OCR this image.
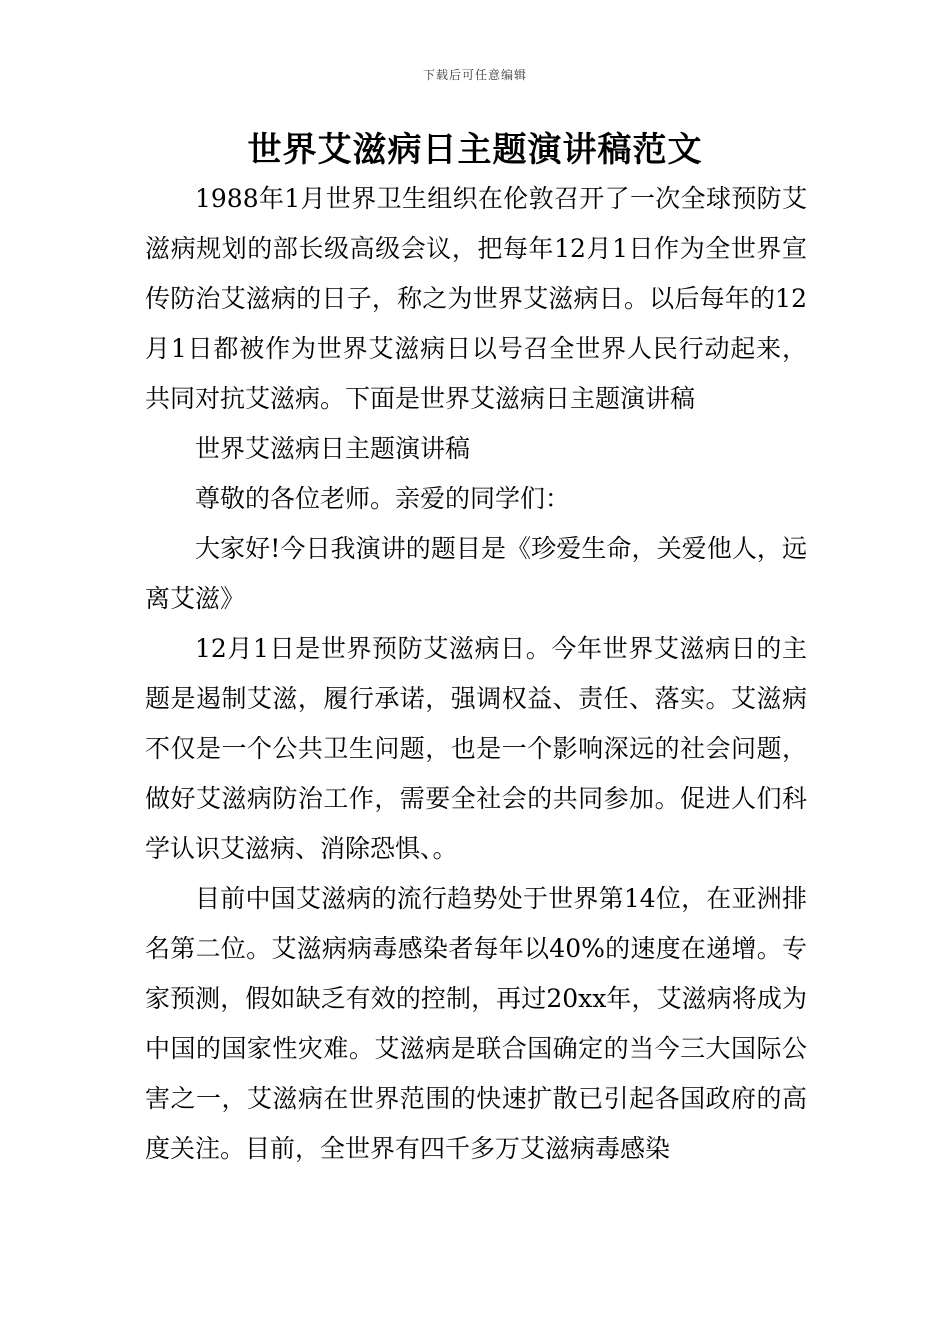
下载后可任意编辑
世界艾滋病日主题演讲稿范文

1988年1月世界卫生组织在伦敦召开了一次全球预防艾滋病规划的部长级高级会议，把每年12月1日作为全世界宣传防治艾滋病的日子，称之为世界艾滋病日。以后每年的12月1日都被作为世界艾滋病日以号召全世界人民行动起来，共同对抗艾滋病。下面是世界艾滋病日主题演讲稿

世界艾滋病日主题演讲稿

尊敬的各位老师。亲爱的同学们：

大家好!今日我演讲的题目是《珍爱生命，关爱他人，远离艾滋》

12月1日是世界预防艾滋病日。今年世界艾滋病日的主题是遏制艾滋，履行承诺，强调权益、责任、落实。艾滋病不仅是一个公共卫生问题，也是一个影响深远的社会问题，做好艾滋病防治工作，需要全社会的共同参加。促进人们科学认识艾滋病、消除恐惧、。

目前中国艾滋病的流行趋势处于世界第14位，在亚洲排名第二位。艾滋病病毒感染者每年以40%的速度在递增。专家预测，假如缺乏有效的控制，再过20xx年，艾滋病将成为中国的国家性灾难。艾滋病是联合国确定的当今三大国际公害之一，艾滋病在世界范围的快速扩散已引起各国政府的高度关注。目前，全世界有四千多万艾滋病毒感染
